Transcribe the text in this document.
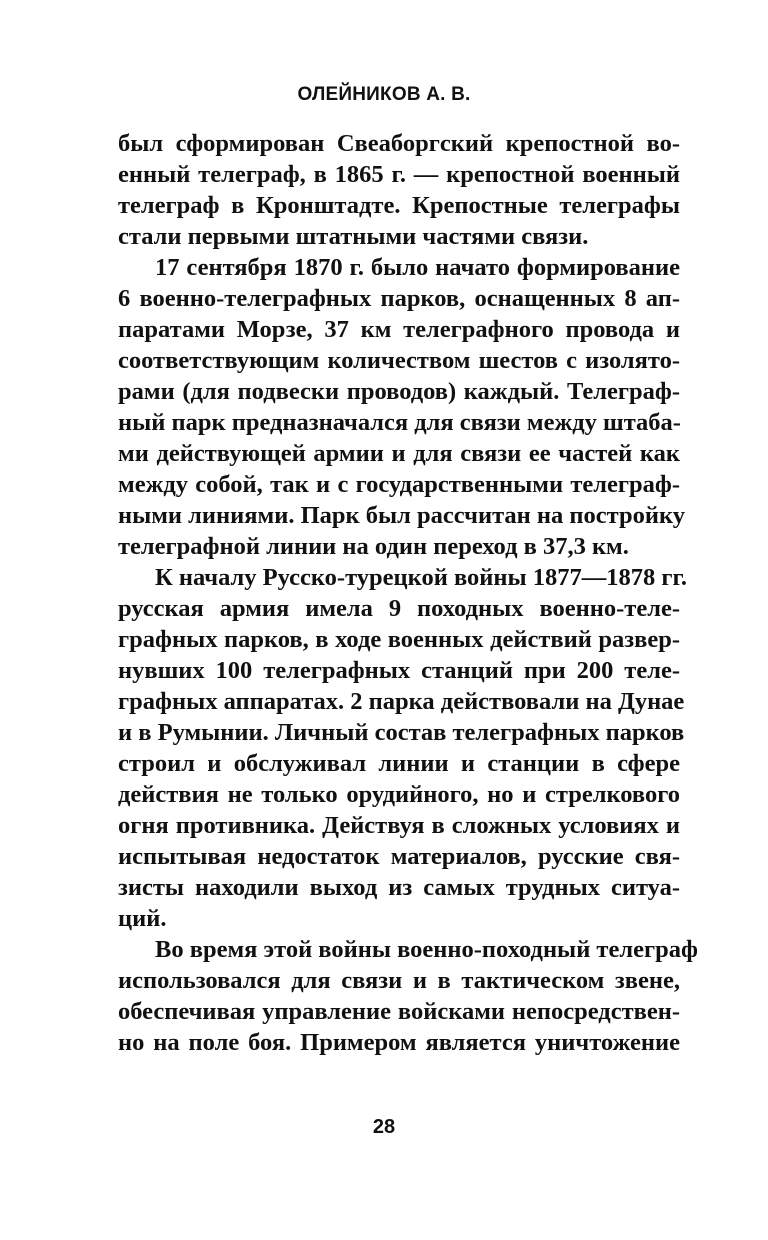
ОЛЕЙНИКОВ А. В.
был сформирован Свеаборгский крепостной во-
енный телеграф, в 1865 г. — крепостной военный
телеграф в Кронштадте. Крепостные телеграфы
стали первыми штатными частями связи.
17 сентября 1870 г. было начато формирование
6 военно-телеграфных парков, оснащенных 8 ап-
паратами Морзе, 37 км телеграфного провода и
соответствующим количеством шестов с изолято-
рами (для подвески проводов) каждый. Телеграф-
ный парк предназначался для связи между штаба-
ми действующей армии и для связи ее частей как
между собой, так и с государственными телеграф-
ными линиями. Парк был рассчитан на постройку
телеграфной линии на один переход в 37,3 км.
К началу Русско-турецкой войны 1877—1878 гг.
русская армия имела 9 походных военно-теле-
графных парков, в ходе военных действий развер-
нувших 100 телеграфных станций при 200 теле-
графных аппаратах. 2 парка действовали на Дунае
и в Румынии. Личный состав телеграфных парков
строил и обслуживал линии и станции в сфере
действия не только орудийного, но и стрелкового
огня противника. Действуя в сложных условиях и
испытывая недостаток материалов, русские свя-
зисты находили выход из самых трудных ситуа-
ций.
Во время этой войны военно-походный телеграф
использовался для связи и в тактическом звене,
обеспечивая управление войсками непосредствен-
но на поле боя. Примером является уничтожение
28
